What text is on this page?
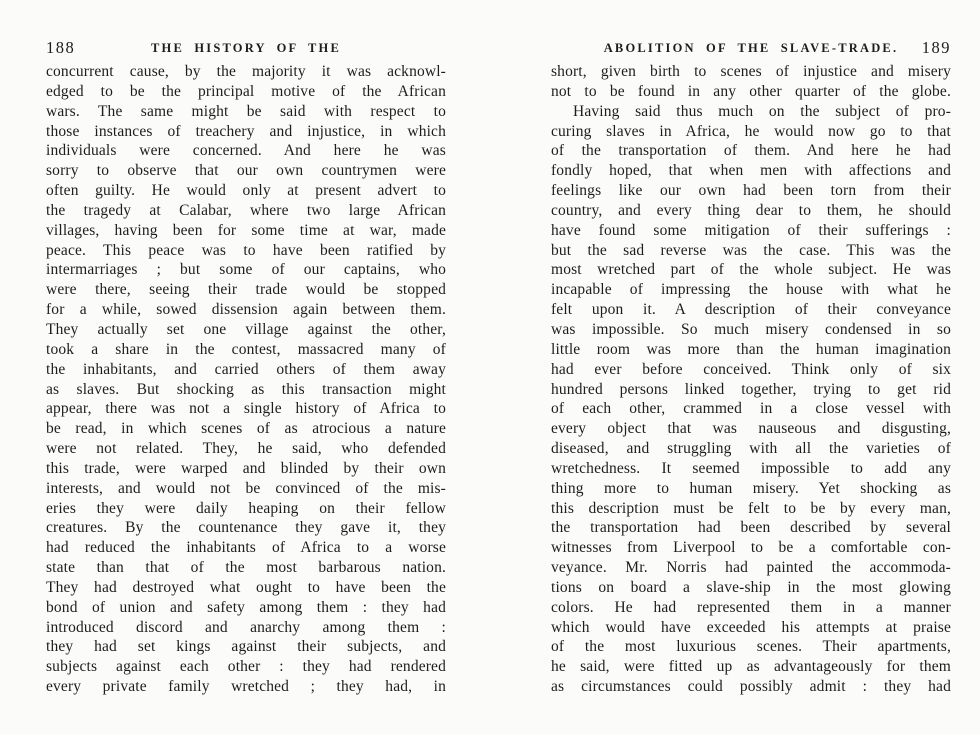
188	THE HISTORY OF THE
concurrent cause, by the majority it was acknowl-
edged to be the principal motive of the African
wars. The same might be said with respect to
those instances of treachery and injustice, in which
individuals were concerned. And here he was
sorry to observe that our own countrymen were
often guilty. He would only at present advert to
the tragedy at Calabar, where two large African
villages, having been for some time at war, made
peace. This peace was to have been ratified by
intermarriages ; but some of our captains, who
were there, seeing their trade would be stopped
for a while, sowed dissension again between them.
They actually set one village against the other,
took a share in the contest, massacred many of
the inhabitants, and carried others of them away
as slaves. But shocking as this transaction might
appear, there was not a single history of Africa to
be read, in which scenes of as atrocious a nature
were not related. They, he said, who defended
this trade, were warped and blinded by their own
interests, and would not be convinced of the mis-
eries they were daily heaping on their fellow
creatures. By the countenance they gave it, they
had reduced the inhabitants of Africa to a worse
state than that of the most barbarous nation.
They had destroyed what ought to have been the
bond of union and safety among them : they had
introduced discord and anarchy among them :
they had set kings against their subjects, and
subjects against each other : they had rendered
every private family wretched ; they had, in
ABOLITION OF THE SLAVE-TRADE.	189
short, given birth to scenes of injustice and misery
not to be found in any other quarter of the globe.
Having said thus much on the subject of pro-
curing slaves in Africa, he would now go to that
of the transportation of them. And here he had
fondly hoped, that when men with affections and
feelings like our own had been torn from their
country, and every thing dear to them, he should
have found some mitigation of their sufferings :
but the sad reverse was the case. This was the
most wretched part of the whole subject. He was
incapable of impressing the house with what he
felt upon it. A description of their conveyance
was impossible. So much misery condensed in so
little room was more than the human imagination
had ever before conceived. Think only of six
hundred persons linked together, trying to get rid
of each other, crammed in a close vessel with
every object that was nauseous and disgusting,
diseased, and struggling with all the varieties of
wretchedness. It seemed impossible to add any
thing more to human misery. Yet shocking as
this description must be felt to be by every man,
the transportation had been described by several
witnesses from Liverpool to be a comfortable con-
veyance. Mr. Norris had painted the accommoda-
tions on board a slave-ship in the most glowing
colors. He had represented them in a manner
which would have exceeded his attempts at praise
of the most luxurious scenes. Their apartments,
he said, were fitted up as advantageously for them
as circumstances could possibly admit : they had
